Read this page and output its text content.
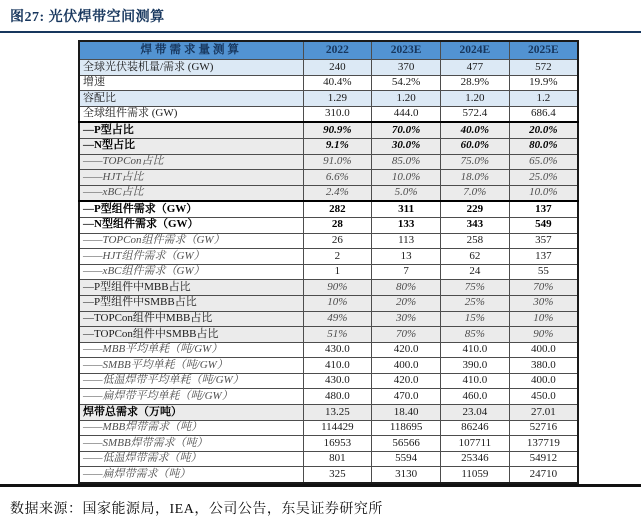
图27: 光伏焊带空间测算
焊带需求量测算	2022	2023E	2024E	2025E
全球光伏装机量/需求 (GW)	240	370	477	572
增速	40.4%	54.2%	28.9%	19.9%
容配比	1.29	1.20	1.20	1.2
全球组件需求 (GW)	310.0	444.0	572.4	686.4
—P型占比	90.9%	70.0%	40.0%	20.0%
—N型占比	9.1%	30.0%	60.0%	80.0%
——TOPCon占比	91.0%	85.0%	75.0%	65.0%
——HJT占比	6.6%	10.0%	18.0%	25.0%
——xBC占比	2.4%	5.0%	7.0%	10.0%
—P型组件需求（GW）	282	311	229	137
—N型组件需求（GW）	28	133	343	549
——TOPCon组件需求（GW）	26	113	258	357
——HJT组件需求（GW）	2	13	62	137
——xBC组件需求（GW）	1	7	24	55
—P型组件中MBB占比	90%	80%	75%	70%
—P型组件中SMBB占比	10%	20%	25%	30%
—TOPCon组件中MBB占比	49%	30%	15%	10%
—TOPCon组件中SMBB占比	51%	70%	85%	90%
——MBB平均单耗（吨/GW）	430.0	420.0	410.0	400.0
——SMBB平均单耗（吨/GW）	410.0	400.0	390.0	380.0
——低温焊带平均单耗（吨/GW）	430.0	420.0	410.0	400.0
——扁焊带平均单耗（吨/GW）	480.0	470.0	460.0	450.0
焊带总需求（万吨）	13.25	18.40	23.04	27.01
——MBB焊带需求（吨）	114429	118695	86246	52716
——SMBB焊带需求（吨）	16953	56566	107711	137719
——低温焊带需求（吨）	801	5594	25346	54912
——扁焊带需求（吨）	325	3130	11059	24710
数据来源：国家能源局，IEA，公司公告，东吴证券研究所
